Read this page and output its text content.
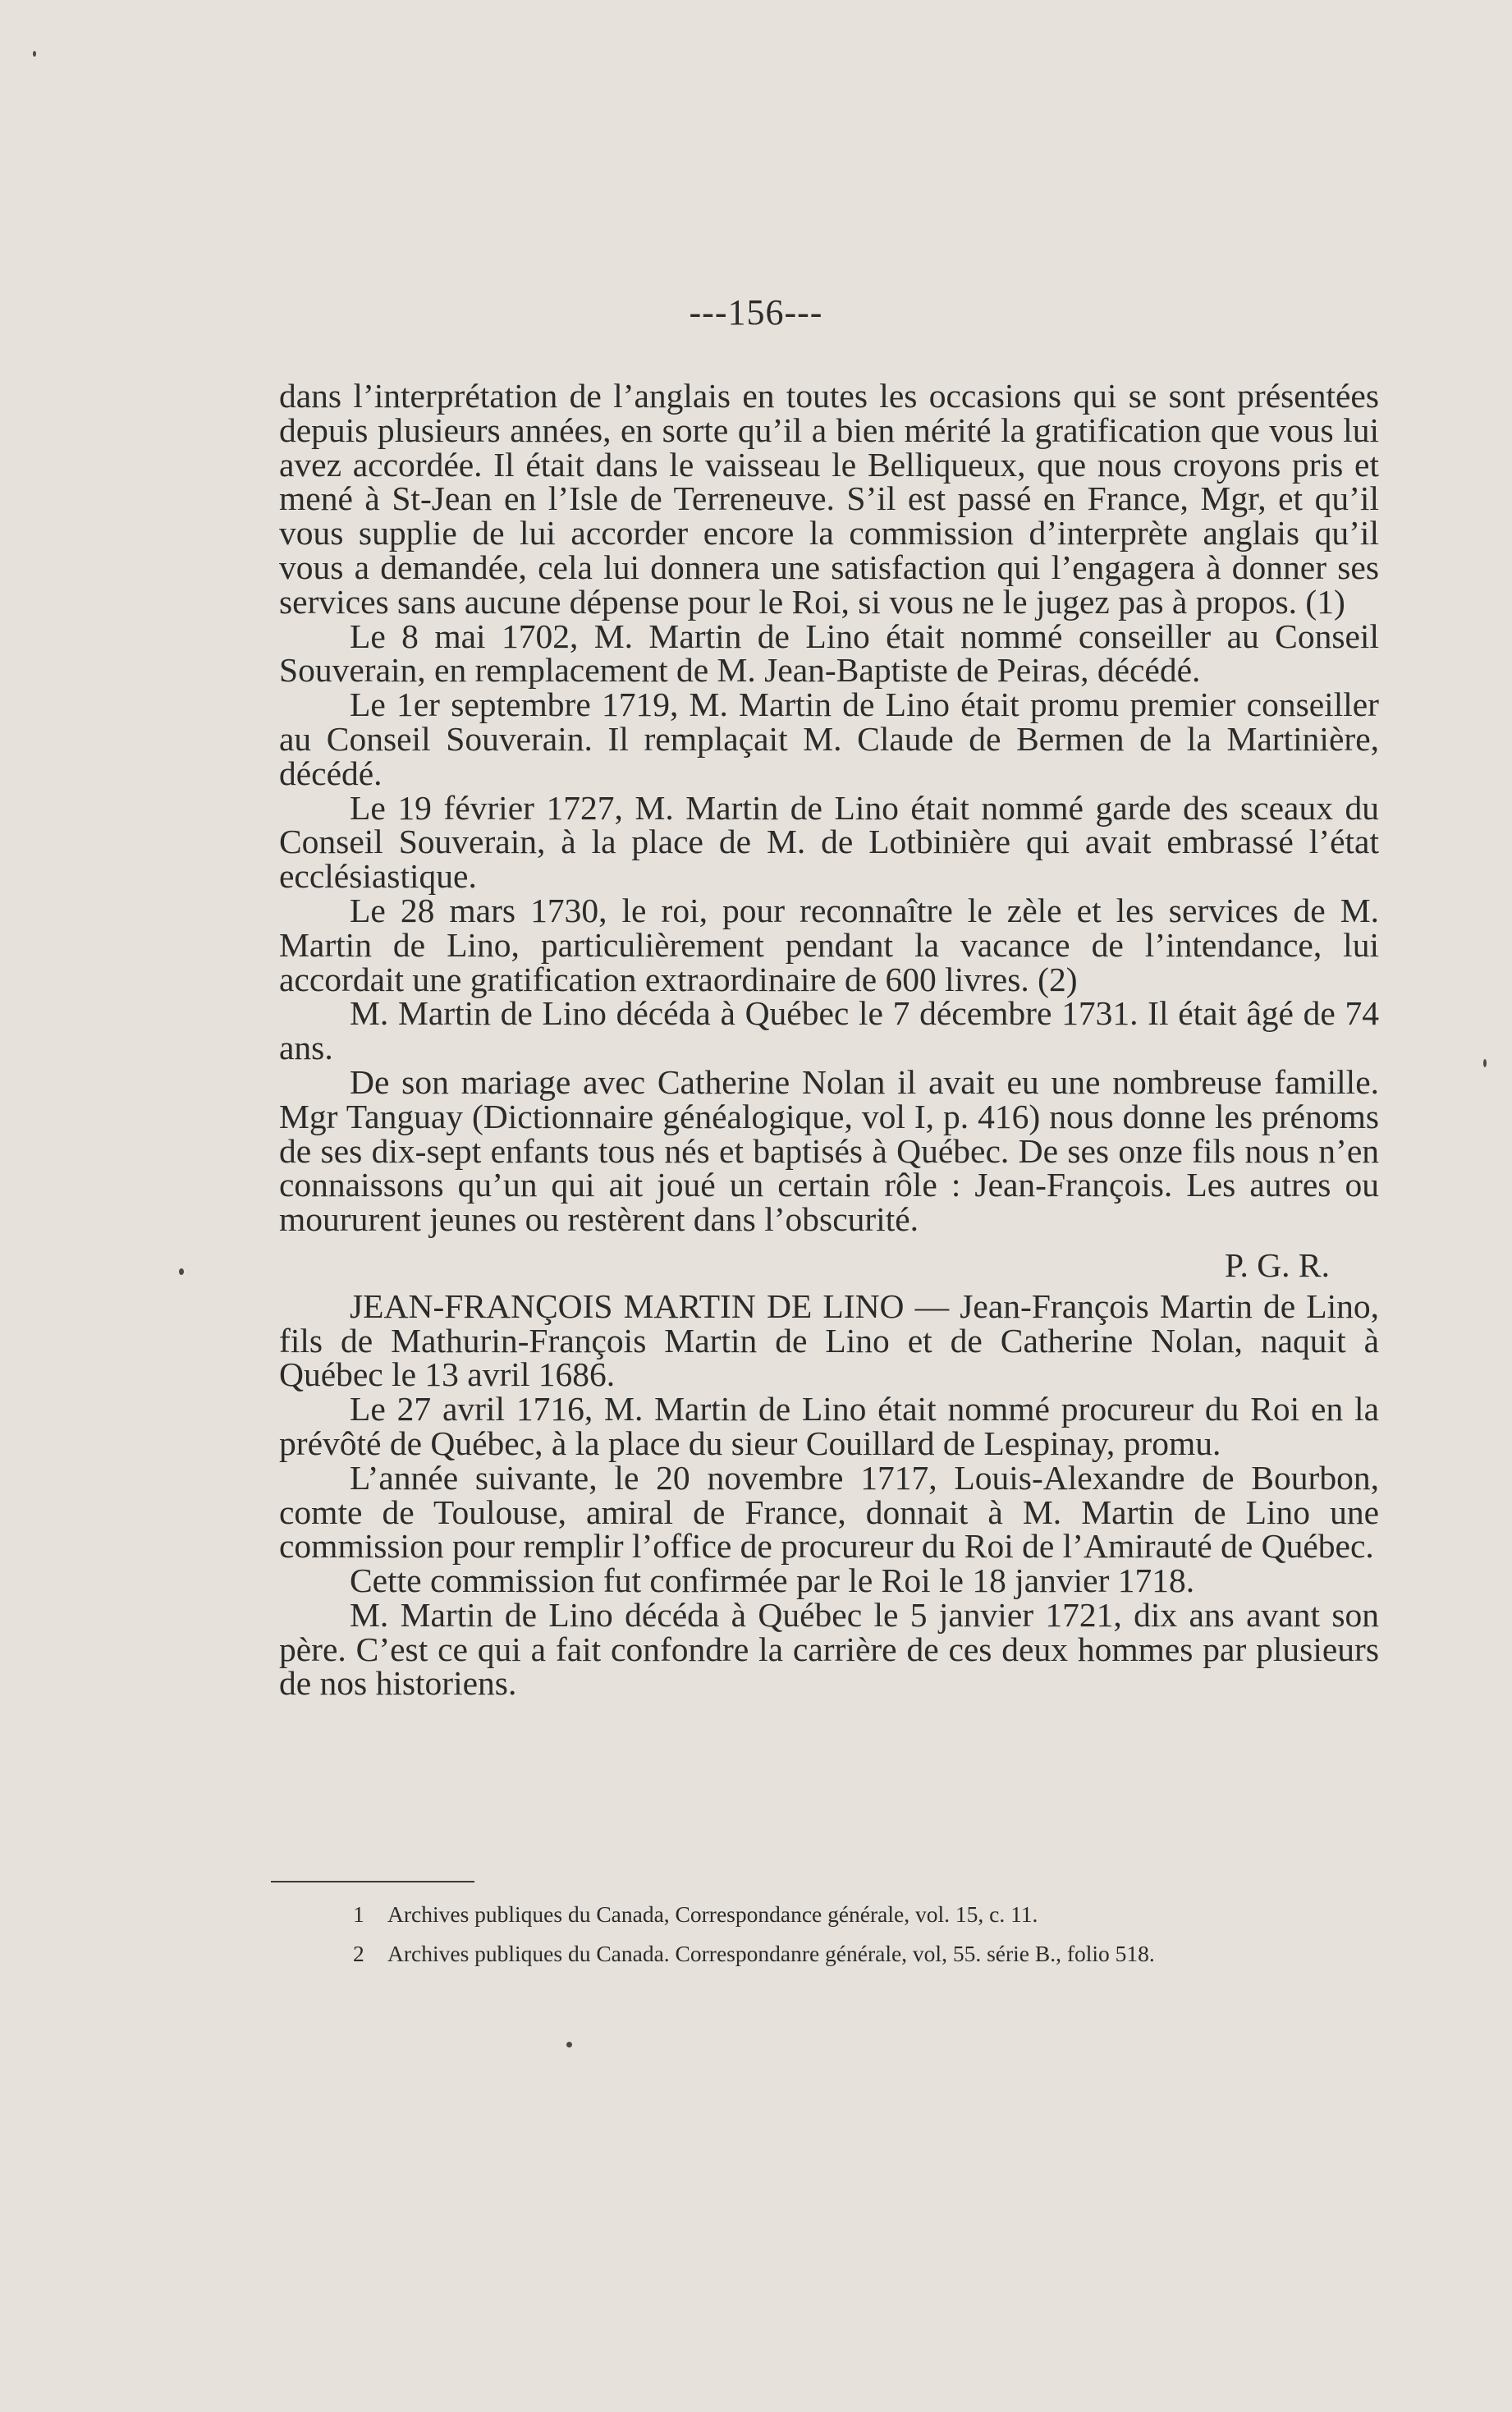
---156---

dans l’interprétation de l’anglais en toutes les occasions qui se sont présentées depuis plusieurs années, en sorte qu’il a bien mérité la gratification que vous lui avez accordée. Il était dans le vaisseau le Belliqueux, que nous croyons pris et mené à St-Jean en l’Isle de Terreneuve. S’il est passé en France, Mgr, et qu’il vous supplie de lui accorder encore la commission d’interprète anglais qu’il vous a demandée, cela lui donnera une satisfaction qui l’engagera à donner ses services sans aucune dépense pour le Roi, si vous ne le jugez pas à propos. (1)

Le 8 mai 1702, M. Martin de Lino était nommé conseiller au Conseil Souverain, en remplacement de M. Jean-Baptiste de Peiras, décédé.

Le 1er septembre 1719, M. Martin de Lino était promu premier conseiller au Conseil Souverain. Il remplaçait M. Claude de Bermen de la Martinière, décédé.

Le 19 février 1727, M. Martin de Lino était nommé garde des sceaux du Conseil Souverain, à la place de M. de Lotbinière qui avait embrassé l’état ecclésiastique.

Le 28 mars 1730, le roi, pour reconnaître le zèle et les services de M. Martin de Lino, particulièrement pendant la vacance de l’intendance, lui accordait une gratification extraordinaire de 600 livres. (2)

M. Martin de Lino décéda à Québec le 7 décembre 1731. Il était âgé de 74 ans.

De son mariage avec Catherine Nolan il avait eu une nombreuse famille. Mgr Tanguay (Dictionnaire généalogique, vol I, p. 416) nous donne les prénoms de ses dix-sept enfants tous nés et baptisés à Québec. De ses onze fils nous n’en connaissons qu’un qui ait joué un certain rôle : Jean-François. Les autres ou moururent jeunes ou restèrent dans l’obscurité.

P. G. R.

JEAN-FRANÇOIS MARTIN DE LINO — Jean-François Martin de Lino, fils de Mathurin-François Martin de Lino et de Catherine Nolan, naquit à Québec le 13 avril 1686.

Le 27 avril 1716, M. Martin de Lino était nommé procureur du Roi en la prévôté de Québec, à la place du sieur Couillard de Lespinay, promu.

L’année suivante, le 20 novembre 1717, Louis-Alexandre de Bourbon, comte de Toulouse, amiral de France, donnait à M. Martin de Lino une commission pour remplir l’office de procureur du Roi de l’Amirauté de Québec.

Cette commission fut confirmée par le Roi le 18 janvier 1718.

M. Martin de Lino décéda à Québec le 5 janvier 1721, dix ans avant son père. C’est ce qui a fait confondre la carrière de ces deux hommes par plusieurs de nos historiens.

1 Archives publiques du Canada, Correspondance générale, vol. 15, c. 11.

2 Archives publiques du Canada. Correspondanre générale, vol, 55. série B., folio 518.
